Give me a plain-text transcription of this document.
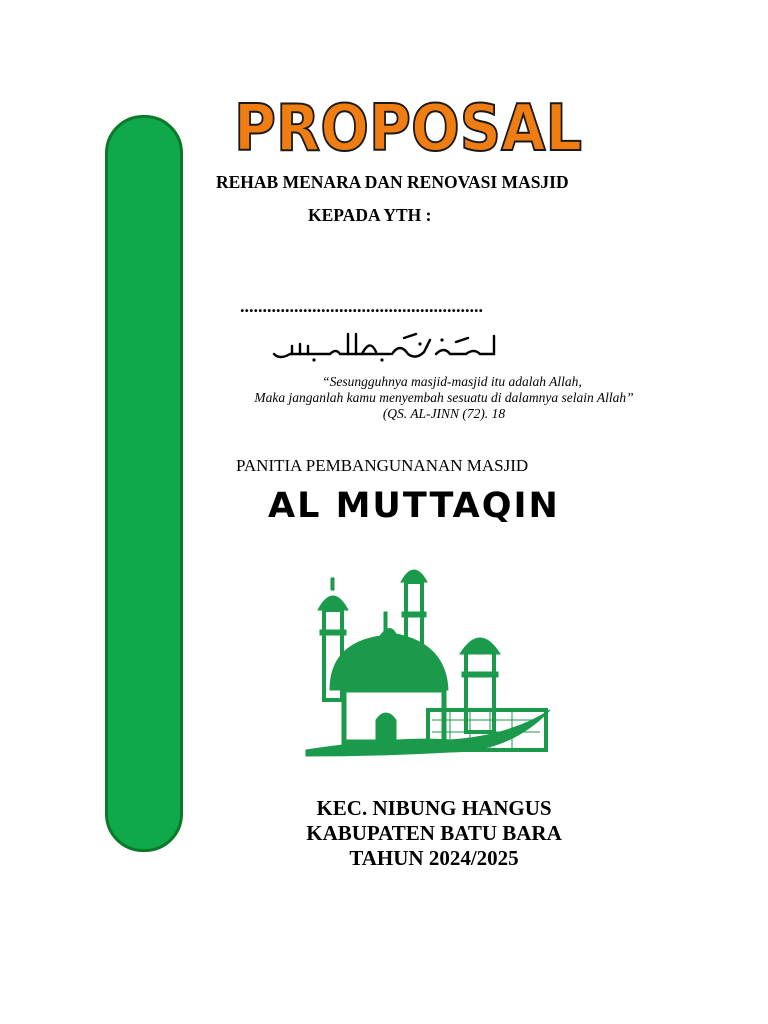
PROPOSAL
REHAB MENARA DAN RENOVASI MASJID
KEPADA YTH :
......................................................
“Sesungguhnya masjid-masjid itu adalah Allah,
Maka janganlah kamu menyembah sesuatu di dalamnya selain Allah”
(QS. AL-JINN (72). 18
PANITIA PEMBANGUNANAN MASJID
AL MUTTAQIN
KEC. NIBUNG HANGUS
KABUPATEN BATU BARA
TAHUN 2024/2025
